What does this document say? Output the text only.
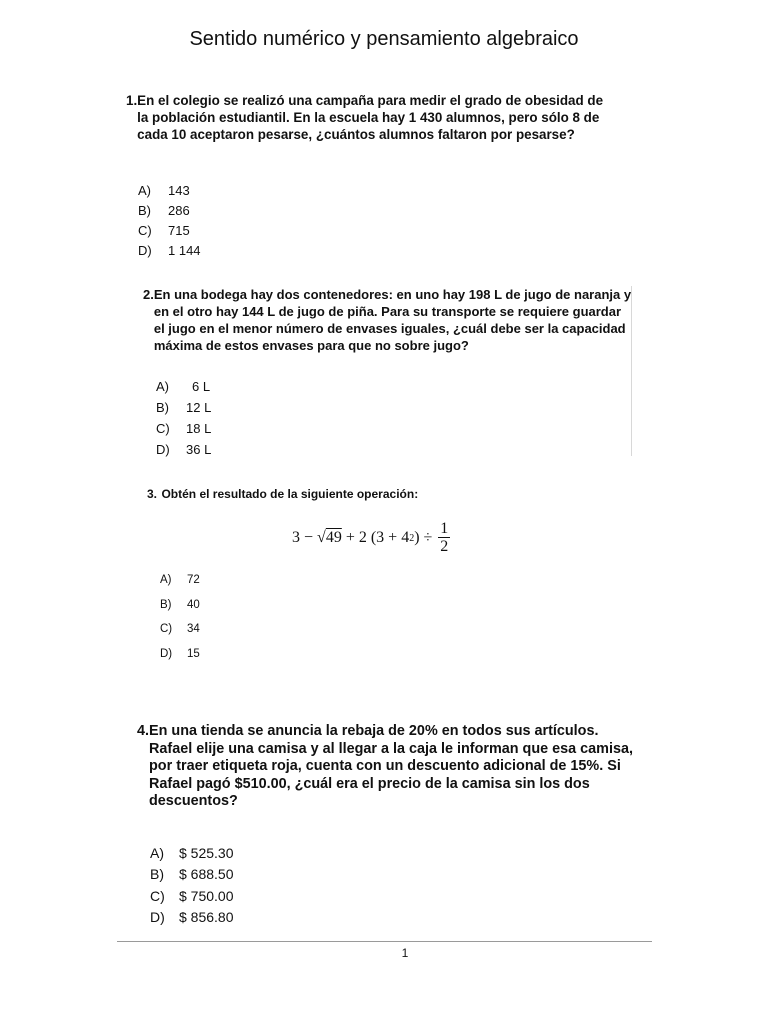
Sentido numérico y pensamiento algebraico
1. En el colegio se realizó una campaña para medir el grado de obesidad de la población estudiantil. En la escuela hay 1 430 alumnos, pero sólo 8 de cada 10 aceptaron pesarse, ¿cuántos alumnos faltaron por pesarse?
A)	143
B)	286
C)	715
D)	1 144
2. En una bodega hay dos contenedores: en uno hay 198 L de jugo de naranja y en el otro hay 144 L de jugo de piña. Para su transporte se requiere guardar el jugo en el menor número de envases iguales, ¿cuál debe ser la capacidad máxima de estos envases para que no sobre jugo?
A)	6 L
B)	12 L
C)	18 L
D)	36 L
3.
Obtén el resultado de la siguiente operación:
A)	72
B)	40
C)	34
D)	15
3 − √ 49 + 2 (3 + 4 2 ) ÷ $\frac{1}{2}$
4. En una tienda se anuncia la rebaja de 20% en todos sus artículos. Rafael elije una camisa y al llegar a la caja le informan que esa camisa, por traer etiqueta roja, cuenta con un descuento adicional de 15%. Si Rafael pagó $510.00, ¿cuál era el precio de la camisa sin los dos descuentos?
A)	$ 525.30
B)	$ 688.50
C)	$ 750.00
D)	$ 856.80
1
